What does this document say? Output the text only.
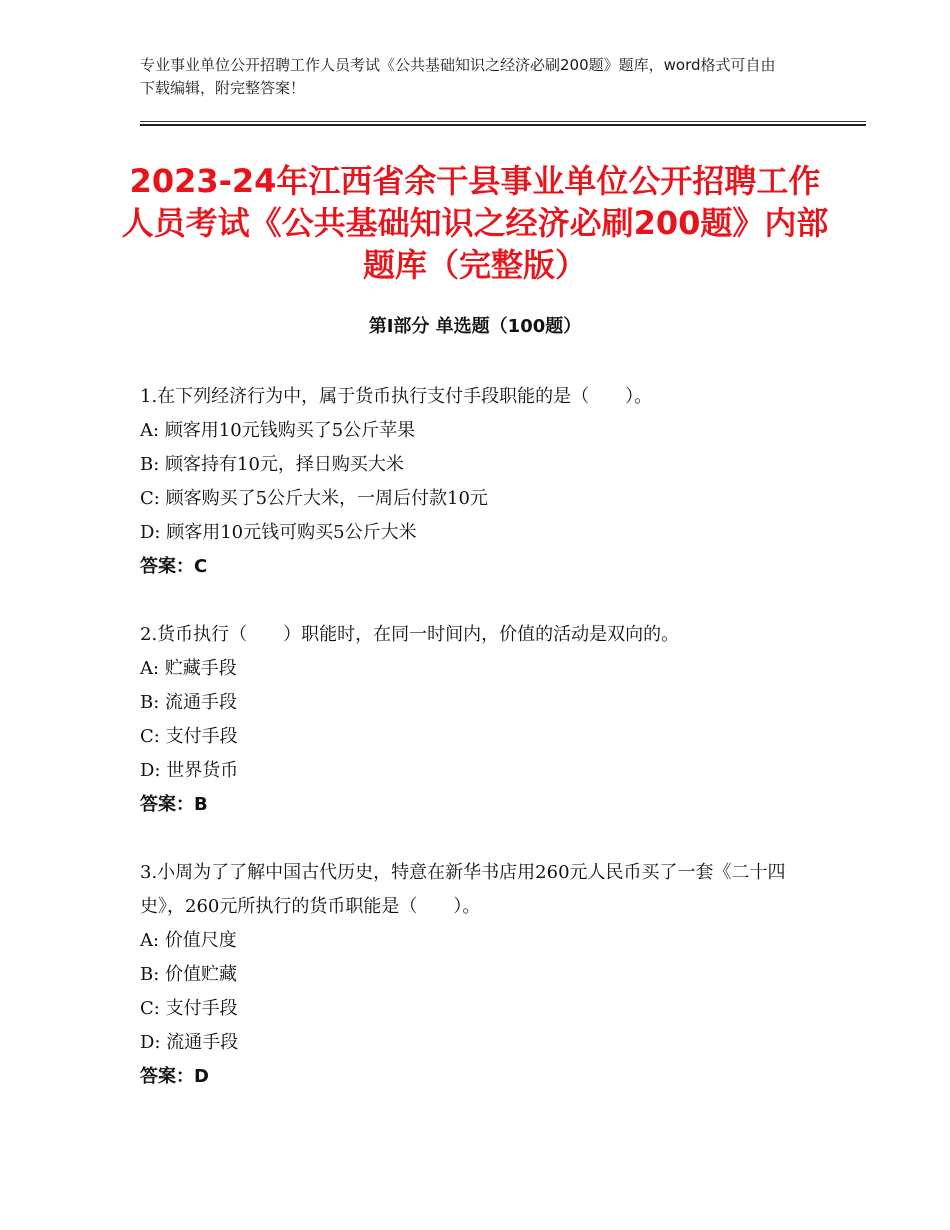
专业事业单位公开招聘工作人员考试《公共基础知识之经济必刷200题》题库，word格式可自由下载编辑，附完整答案！
2023-24年江西省余干县事业单位公开招聘工作人员考试《公共基础知识之经济必刷200题》内部题库（完整版）
第Ⅰ部分 单选题（100题）

1.在下列经济行为中，属于货币执行支付手段职能的是（　　）。

A: 顾客用10元钱购买了5公斤苹果

B: 顾客持有10元，择日购买大米

C: 顾客购买了5公斤大米，一周后付款10元

D: 顾客用10元钱可购买5公斤大米

答案：C

2.货币执行（　　）职能时，在同一时间内，价值的活动是双向的。

A: 贮藏手段

B: 流通手段

C: 支付手段

D: 世界货币

答案：B

3.小周为了了解中国古代历史，特意在新华书店用260元人民币买了一套《二十四史》，260元所执行的货币职能是（　　）。

A: 价值尺度

B: 价值贮藏

C: 支付手段

D: 流通手段

答案：D
